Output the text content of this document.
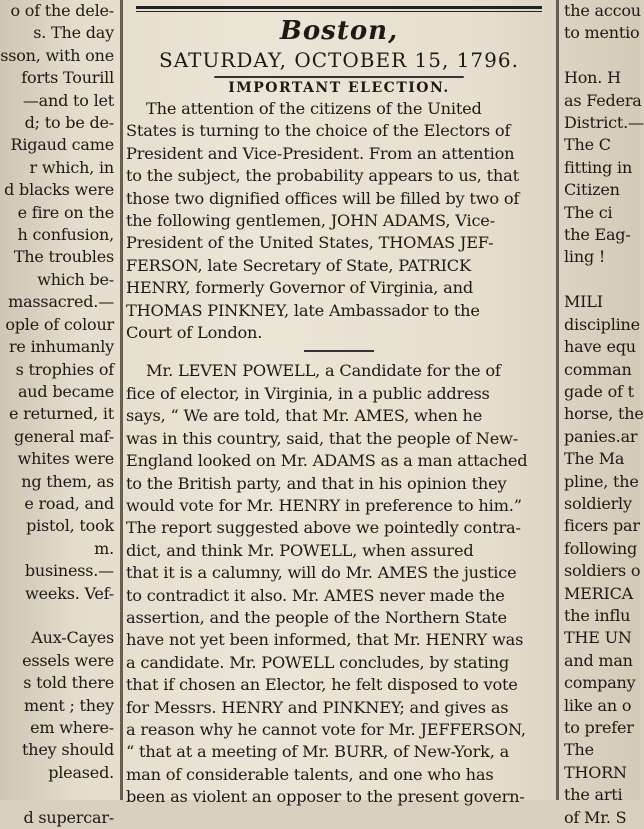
o of the dele-
s. The day
sson, with one
forts Tourill
—and to let
d; to be de-
Rigaud came
r which, in
d blacks were
e fire on the
h confusion,
The troubles
which be-
massacred.—
ople of colour
re inhumanly
s trophies of
aud became
e returned, it
general maf-
whites were
ng them, as
e road, and
pistol, took
m.
business.—
weeks. Vef-

Aux-Cayes
essels were
s told there
ment ; they
em where-
they should
pleased.

d supercar-
Boston,
SATURDAY, OCTOBER 15, 1796.
IMPORTANT ELECTION.
The attention of the citizens of the United
States is turning to the choice of the Electors of
President and Vice-President. From an attention
to the subject, the probability appears to us, that
those two dignified offices will be filled by two of
the following gentlemen, JOHN ADAMS, Vice-
President of the United States, THOMAS JEF-
FERSON, late Secretary of State, PATRICK
HENRY, formerly Governor of Virginia, and
THOMAS PINKNEY, late Ambassador to the
Court of London.
Mr. LEVEN POWELL, a Candidate for the of
fice of elector, in Virginia, in a public address
says, “ We are told, that Mr. AMES, when he
was in this country, said, that the people of New-
England looked on Mr. ADAMS as a man attached
to the British party, and that in his opinion they
would vote for Mr. HENRY in preference to him.”
The report suggested above we pointedly contra-
dict, and think Mr. POWELL, when assured
that it is a calumny, will do Mr. AMES the justice
to contradict it also. Mr. AMES never made the
assertion, and the people of the Northern State
have not yet been informed, that Mr. HENRY was
a candidate. Mr. POWELL concludes, by stating
that if chosen an Elector, he felt disposed to vote
for Messrs. HENRY and PINKNEY; and gives as
a reason why he cannot vote for Mr. JEFFERSON,
“ that at a meeting of Mr. BURR, of New-York, a
man of considerable talents, and one who has
been as violent an opposer to the present govern-
the accou
to mentio

Hon. H
as Federa
District.—
The C
fitting in
Citizen
The ci
the Eag-
ling !

MILI
discipline
have equ
comman
gade of t
horse, the
panies.ar
The Ma
pline, the
soldierly
ficers par
following
soldiers o
MERICA
the influ
THE UN
and man
company
like an o
to prefer
The
THORN
the arti
of Mr. S
